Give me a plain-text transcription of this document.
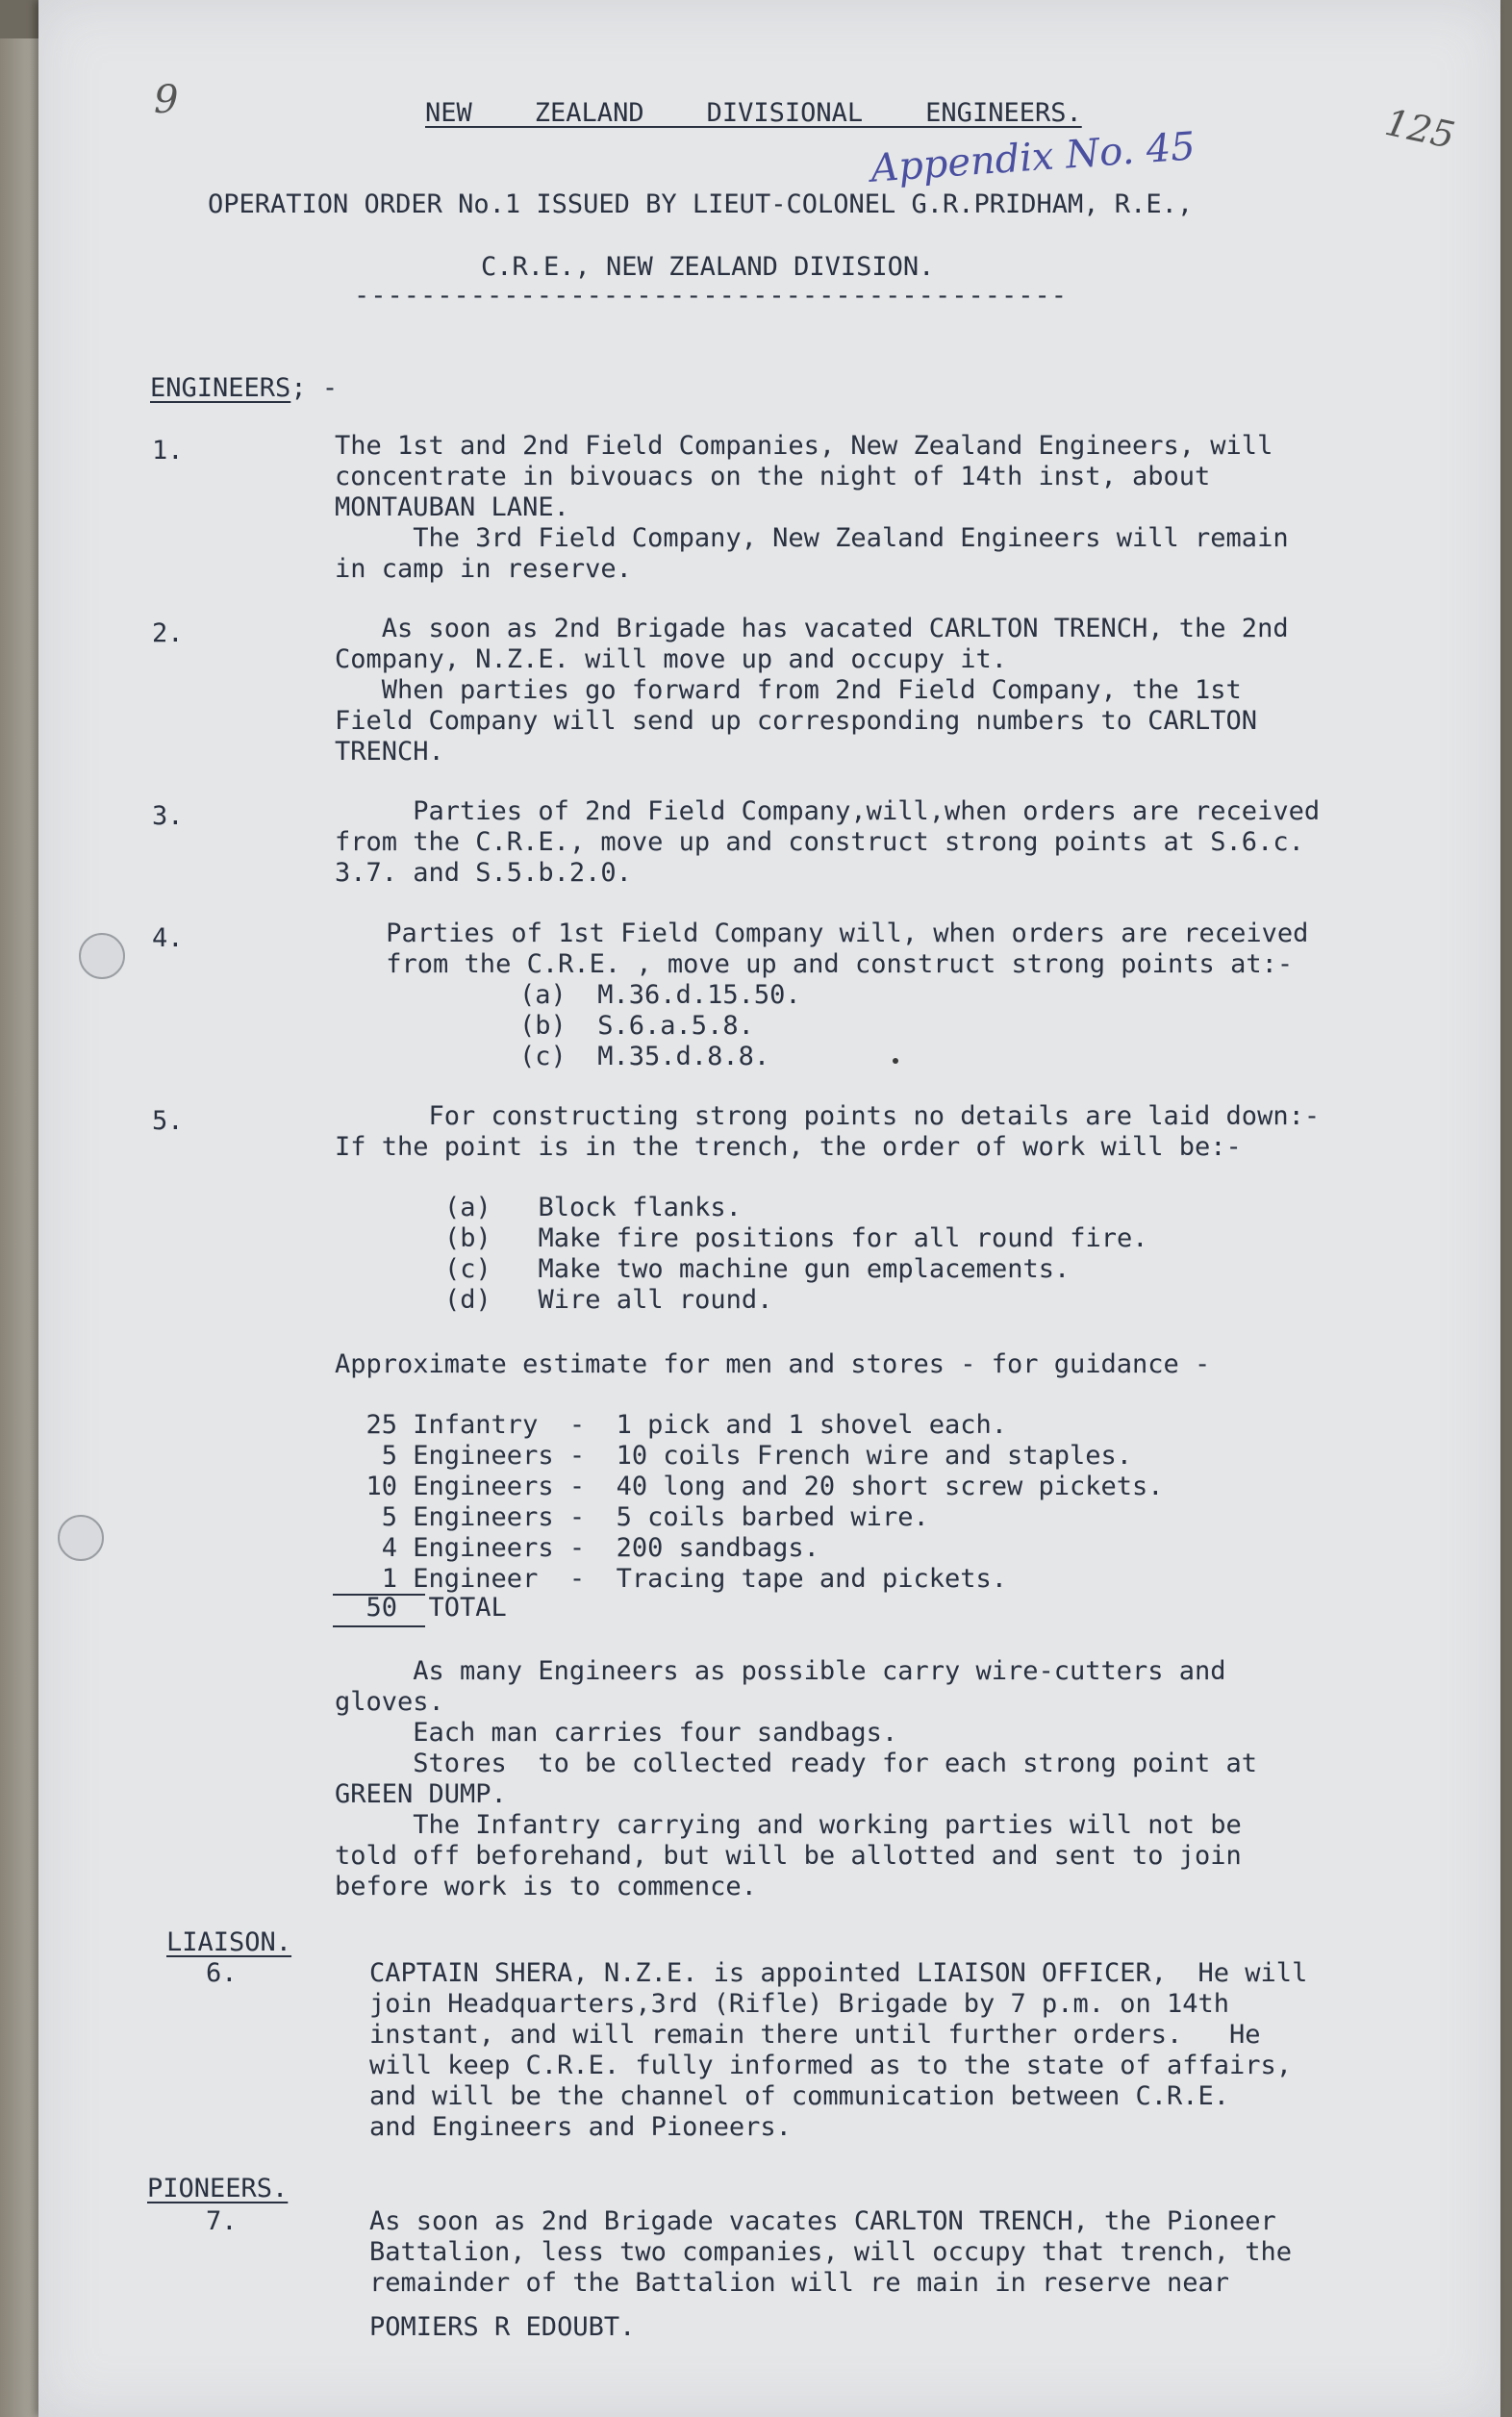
9
125
Appendix No. 45
NEW    ZEALAND    DIVISIONAL    ENGINEERS.
OPERATION ORDER No.1 ISSUED BY LIEUT-COLONEL G.R.PRIDHAM, R.E.,
C.R.E., NEW ZEALAND DIVISION.
-------------------------------------------
ENGINEERS; -
1.	The 1st and 2nd Field Companies, New Zealand Engineers, will
concentrate in bivouacs on the night of 14th inst, about
MONTAUBAN LANE.
The 3rd Field Company, New Zealand Engineers will remain
in camp in reserve.
2.	As soon as 2nd Brigade has vacated CARLTON TRENCH, the 2nd
Company, N.Z.E. will move up and occupy it.
When parties go forward from 2nd Field Company, the 1st
Field Company will send up corresponding numbers to CARLTON
TRENCH.
3.	Parties of 2nd Field Company,will,when orders are received
from the C.R.E., move up and construct strong points at S.6.c.
3.7. and S.5.b.2.0.
4.	Parties of 1st Field Company will, when orders are received
from the C.R.E. , move up and construct strong points at:-
(a)  M.36.d.15.50.
(b)  S.6.a.5.8.
(c)  M.35.d.8.8.
5.	For constructing strong points no details are laid down:-
If the point is in the trench, the order of work will be:-
(a)   Block flanks.
(b)   Make fire positions for all round fire.
(c)   Make two machine gun emplacements.
(d)   Wire all round.
Approximate estimate for men and stores - for guidance -
25 Infantry  -  1 pick and 1 shovel each.
5 Engineers -  10 coils French wire and staples.
10 Engineers -  40 long and 20 short screw pickets.
5 Engineers -  5 coils barbed wire.
4 Engineers -  200 sandbags.
1 Engineer  -  Tracing tape and pickets.
50  TOTAL
As many Engineers as possible carry wire-cutters and
gloves.
Each man carries four sandbags.
Stores  to be collected ready for each strong point at
GREEN DUMP.
The Infantry carrying and working parties will not be
told off beforehand, but will be allotted and sent to join
before work is to commence.
LIAISON.
6.	CAPTAIN SHERA, N.Z.E. is appointed LIAISON OFFICER,  He will
join Headquarters,3rd (Rifle) Brigade by 7 p.m. on 14th
instant, and will remain there until further orders.   He
will keep C.R.E. fully informed as to the state of affairs,
and will be the channel of communication between C.R.E.
and Engineers and Pioneers.
PIONEERS.
7.	As soon as 2nd Brigade vacates CARLTON TRENCH, the Pioneer
Battalion, less two companies, will occupy that trench, the
remainder of the Battalion will re main in reserve near
POMIERS R EDOUBT.
